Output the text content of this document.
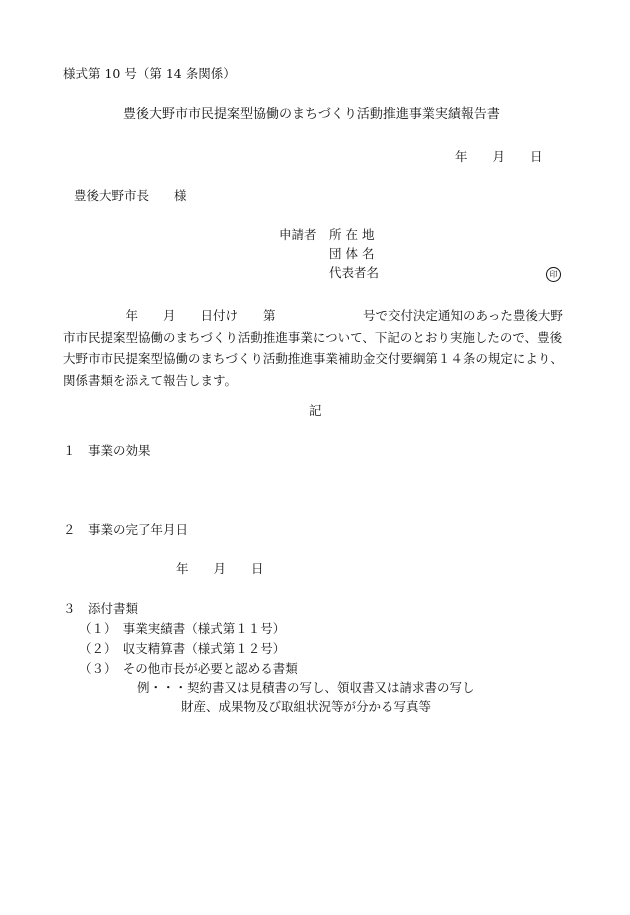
様式第 10 号（第 14 条関係）
豊後大野市市民提案型協働のまちづくり活動推進事業実績報告書
年　　月　　日
豊後大野市長　　様
申請者 所 在 地
団 体 名
代表者名	印
　　　　　年　　月　　日付け　　第　　　　　　　号で交付決定通知のあった豊後大野
市市民提案型協働のまちづくり活動推進事業について、下記のとおり実施したので、豊後
大野市市民提案型協働のまちづくり活動推進事業補助金交付要綱第１４条の規定により、
関係書類を添えて報告します。
記
１　事業の効果
２　事業の完了年月日
年　　月　　日
３　添付書類
（１）　事業実績書（様式第１１号）
（２）　収支精算書（様式第１２号）
（３）　その他市長が必要と認める書類
例・・・契約書又は見積書の写し、領収書又は請求書の写し
財産、成果物及び取組状況等が分かる写真等
